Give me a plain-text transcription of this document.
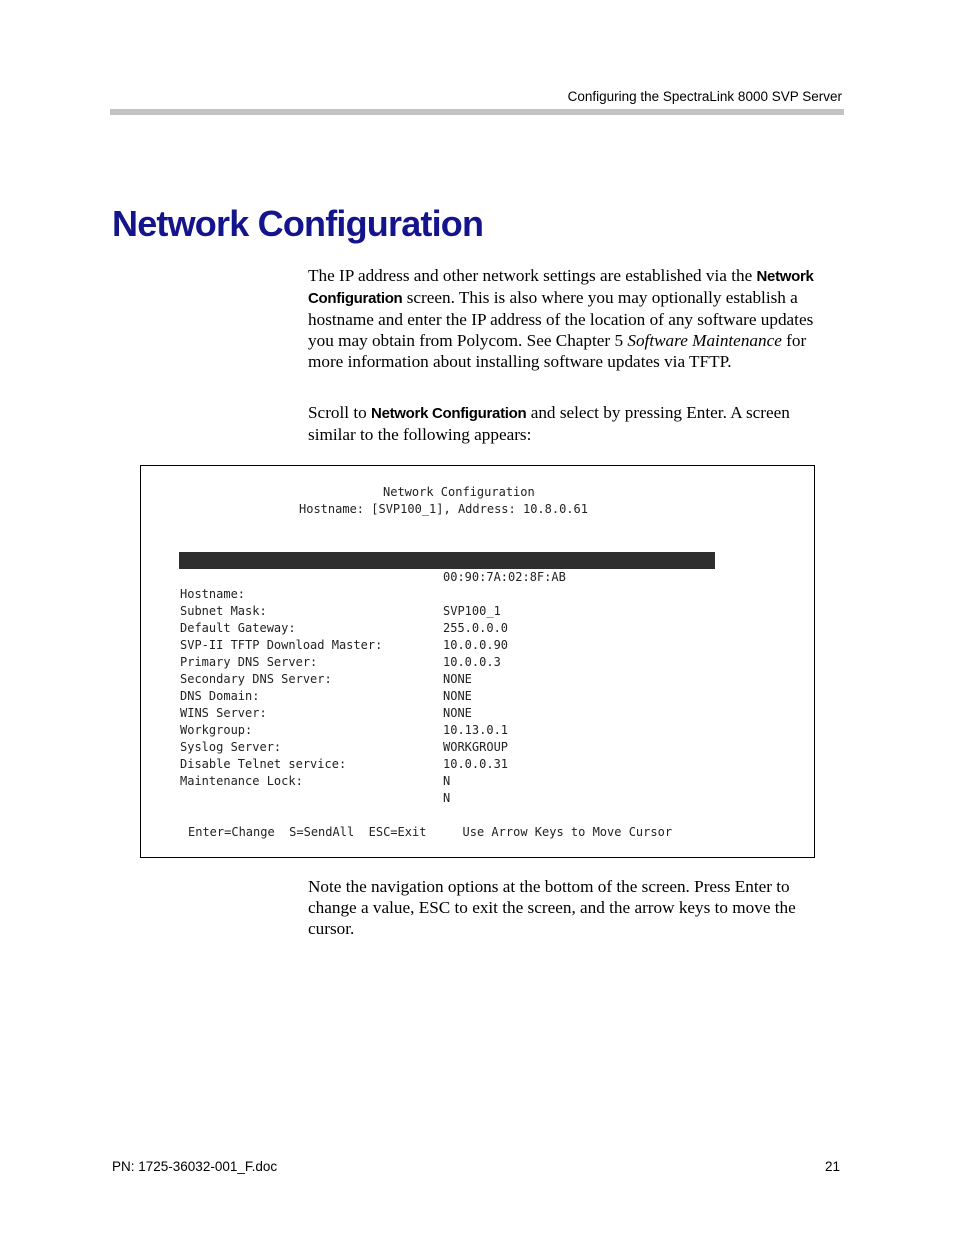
Configuring the SpectraLink 8000 SVP Server
Network Configuration

The IP address and other network settings are established via the Network Configuration screen. This is also where you may optionally establish a hostname and enter the IP address of the location of any software updates you may obtain from Polycom. See Chapter 5 Software Maintenance for more information about installing software updates via TFTP.

Scroll to Network Configuration and select by pressing Enter. A screen similar to the following appears:

Network Configuration
Hostname: [SVP100_1], Address: 10.8.0.61

00:90:7A:02:8F:AB

IP Address:

10.8.0.61

Hostname:

SVP100_1

Subnet Mask:

255.0.0.0

Default Gateway:

10.0.0.90

SVP-II TFTP Download Master:

10.0.0.3

Primary DNS Server:

NONE

Secondary DNS Server:

NONE

DNS Domain:

NONE

WINS Server:

10.13.0.1

Workgroup:

WORKGROUP

Syslog Server:

10.0.0.31

Disable Telnet service:

N

Maintenance Lock:

N

Enter=Change  S=SendAll  ESC=Exit     Use Arrow Keys to Move Cursor

Note the navigation options at the bottom of the screen. Press Enter to change a value, ESC to exit the screen, and the arrow keys to move the cursor.

PN: 1725-36032-001_F.doc	21
